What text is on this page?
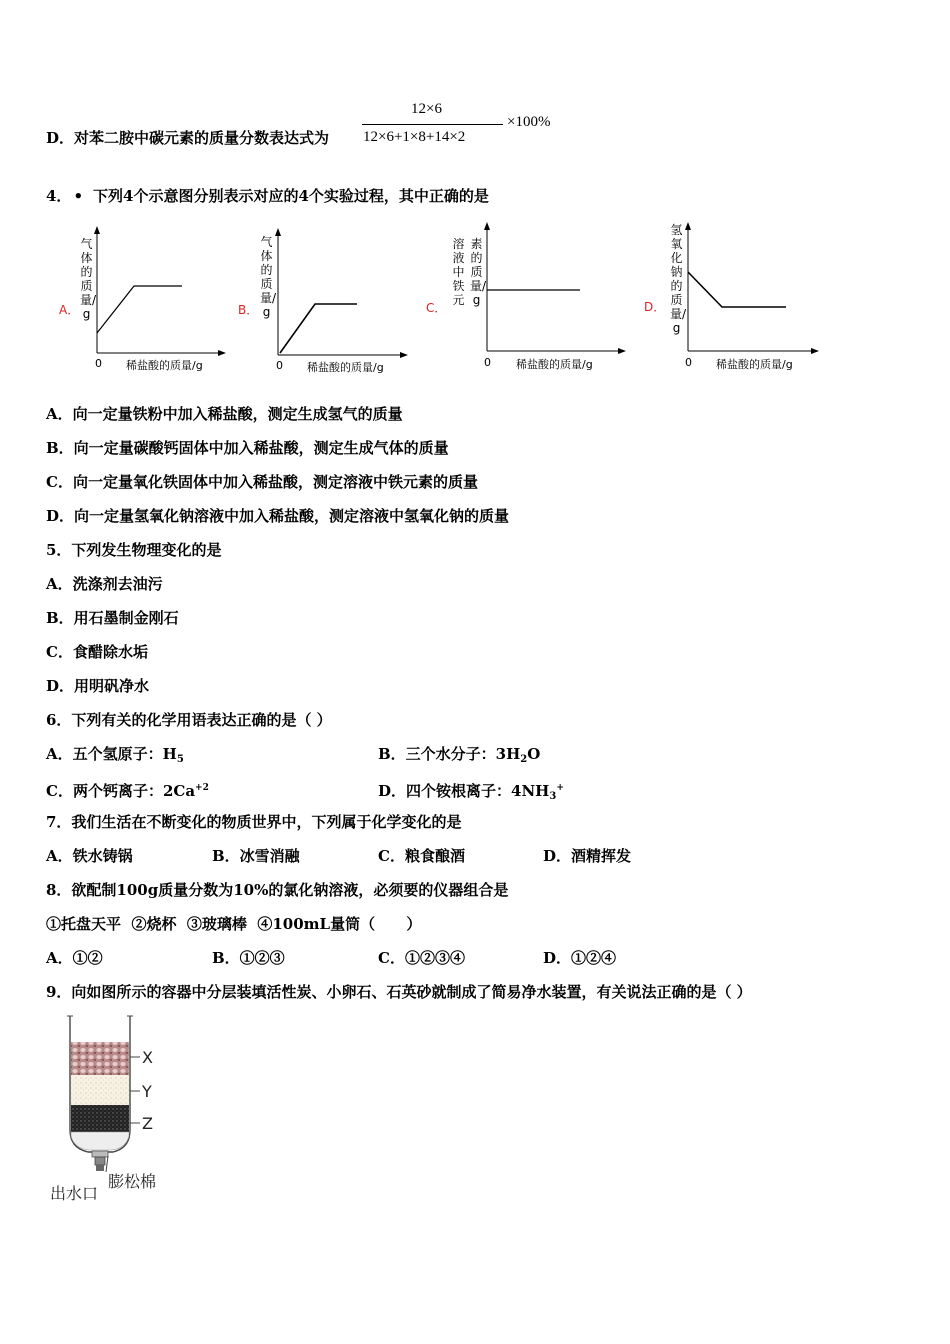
D．对苯二胺中碳元素的质量分数表达式为
12×6
12×6+1×8+14×2
×100%
4． • 下列4个示意图分别表示对应的4个实验过程，其中正确的是
气体的质量/g
A．
0 稀盐酸的质量/g
气体的质量/g
B．
0 稀盐酸的质量/g
溶液中铁元
素的质量/g
C．
0 稀盐酸的质量/g
氢氧化钠的质量/g
D．
0 稀盐酸的质量/g
A．向一定量铁粉中加入稀盐酸，测定生成氢气的质量
B．向一定量碳酸钙固体中加入稀盐酸，测定生成气体的质量
C．向一定量氧化铁固体中加入稀盐酸，测定溶液中铁元素的质量
D．向一定量氢氧化钠溶液中加入稀盐酸，测定溶液中氢氧化钠的质量
5．下列发生物理变化的是
A．洗涤剂去油污
B．用石墨制金刚石
C．食醋除水垢
D．用明矾净水
6．下列有关的化学用语表达正确的是（ ）
A．五个氢原子：$H_5$	B．三个水分子：$3H_2O$
C．两个钙离子：$2Ca^{+2}$	D．四个铵根离子：$4NH_3^+$
7．我们生活在不断变化的物质世界中，下列属于化学变化的是
A．铁水铸锅	B．冰雪消融	C．粮食酿酒	D．酒精挥发
8．欲配制100g质量分数为10%的氯化钠溶液，必须要的仪器组合是
①托盘天平  ②烧杯  ③玻璃棒  ④100mL量筒（      ）
A．①②	B．①②③	C．①②③④	D．①②④
9．向如图所示的容器中分层装填活性炭、小卵石、石英砂就制成了简易净水装置，有关说法正确的是（ ）
X
Y
Z
膨松棉
出水口
